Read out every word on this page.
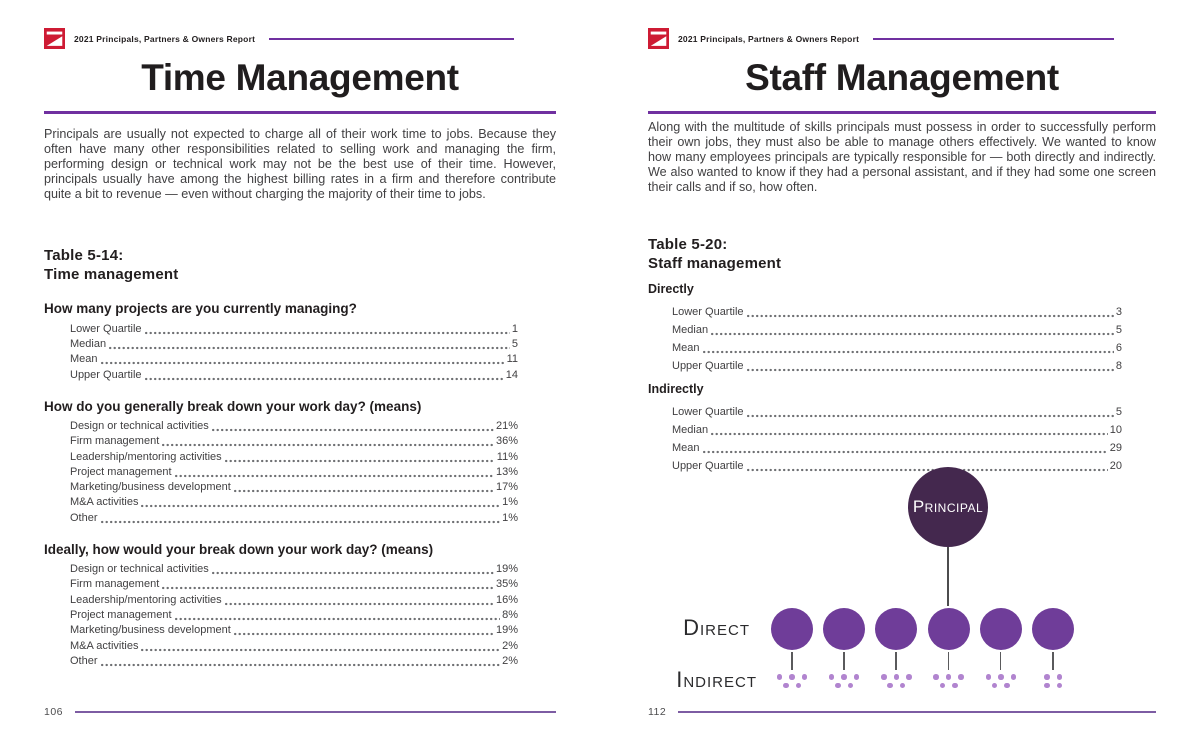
2021 Principals, Partners & Owners Report
Time Management

Principals are usually not expected to charge all of their work time to jobs. Because they often have many other responsibilities related to selling work and managing the firm, performing design or technical work may not be the best use of their time. However, principals usually have among the highest billing rates in a firm and therefore contribute quite a bit to revenue — even without charging the majority of their time to jobs.

Table 5-14:
Time management
How many projects are you currently managing?
Lower Quartile	1
Median	5
Mean	11
Upper Quartile	14
How do you generally break down your work day? (means)
Design or technical activities	21%
Firm management	36%
Leadership/mentoring activities	11%
Project management	13%
Marketing/business development	17%
M&A activities	1%
Other	1%
Ideally, how would your break down your work day? (means)
Design or technical activities	19%
Firm management	35%
Leadership/mentoring activities	16%
Project management	8%
Marketing/business development	19%
M&A activities	2%
Other	2%
106
2021 Principals, Partners & Owners Report
Staff Management

Along with the multitude of skills principals must possess in order to successfully perform their own jobs, they must also be able to manage others effectively. We wanted to know how many employees principals are typically responsible for — both directly and indirectly. We also wanted to know if they had a personal assistant, and if they had some one screen their calls and if so, how often.

Table 5-20:
Staff management
Directly
Lower Quartile	3
Median	5
Mean	6
Upper Quartile	8
Indirectly
Lower Quartile	5
Median	10
Mean	29
Upper Quartile	20
Principal
Direct
Indirect
112
